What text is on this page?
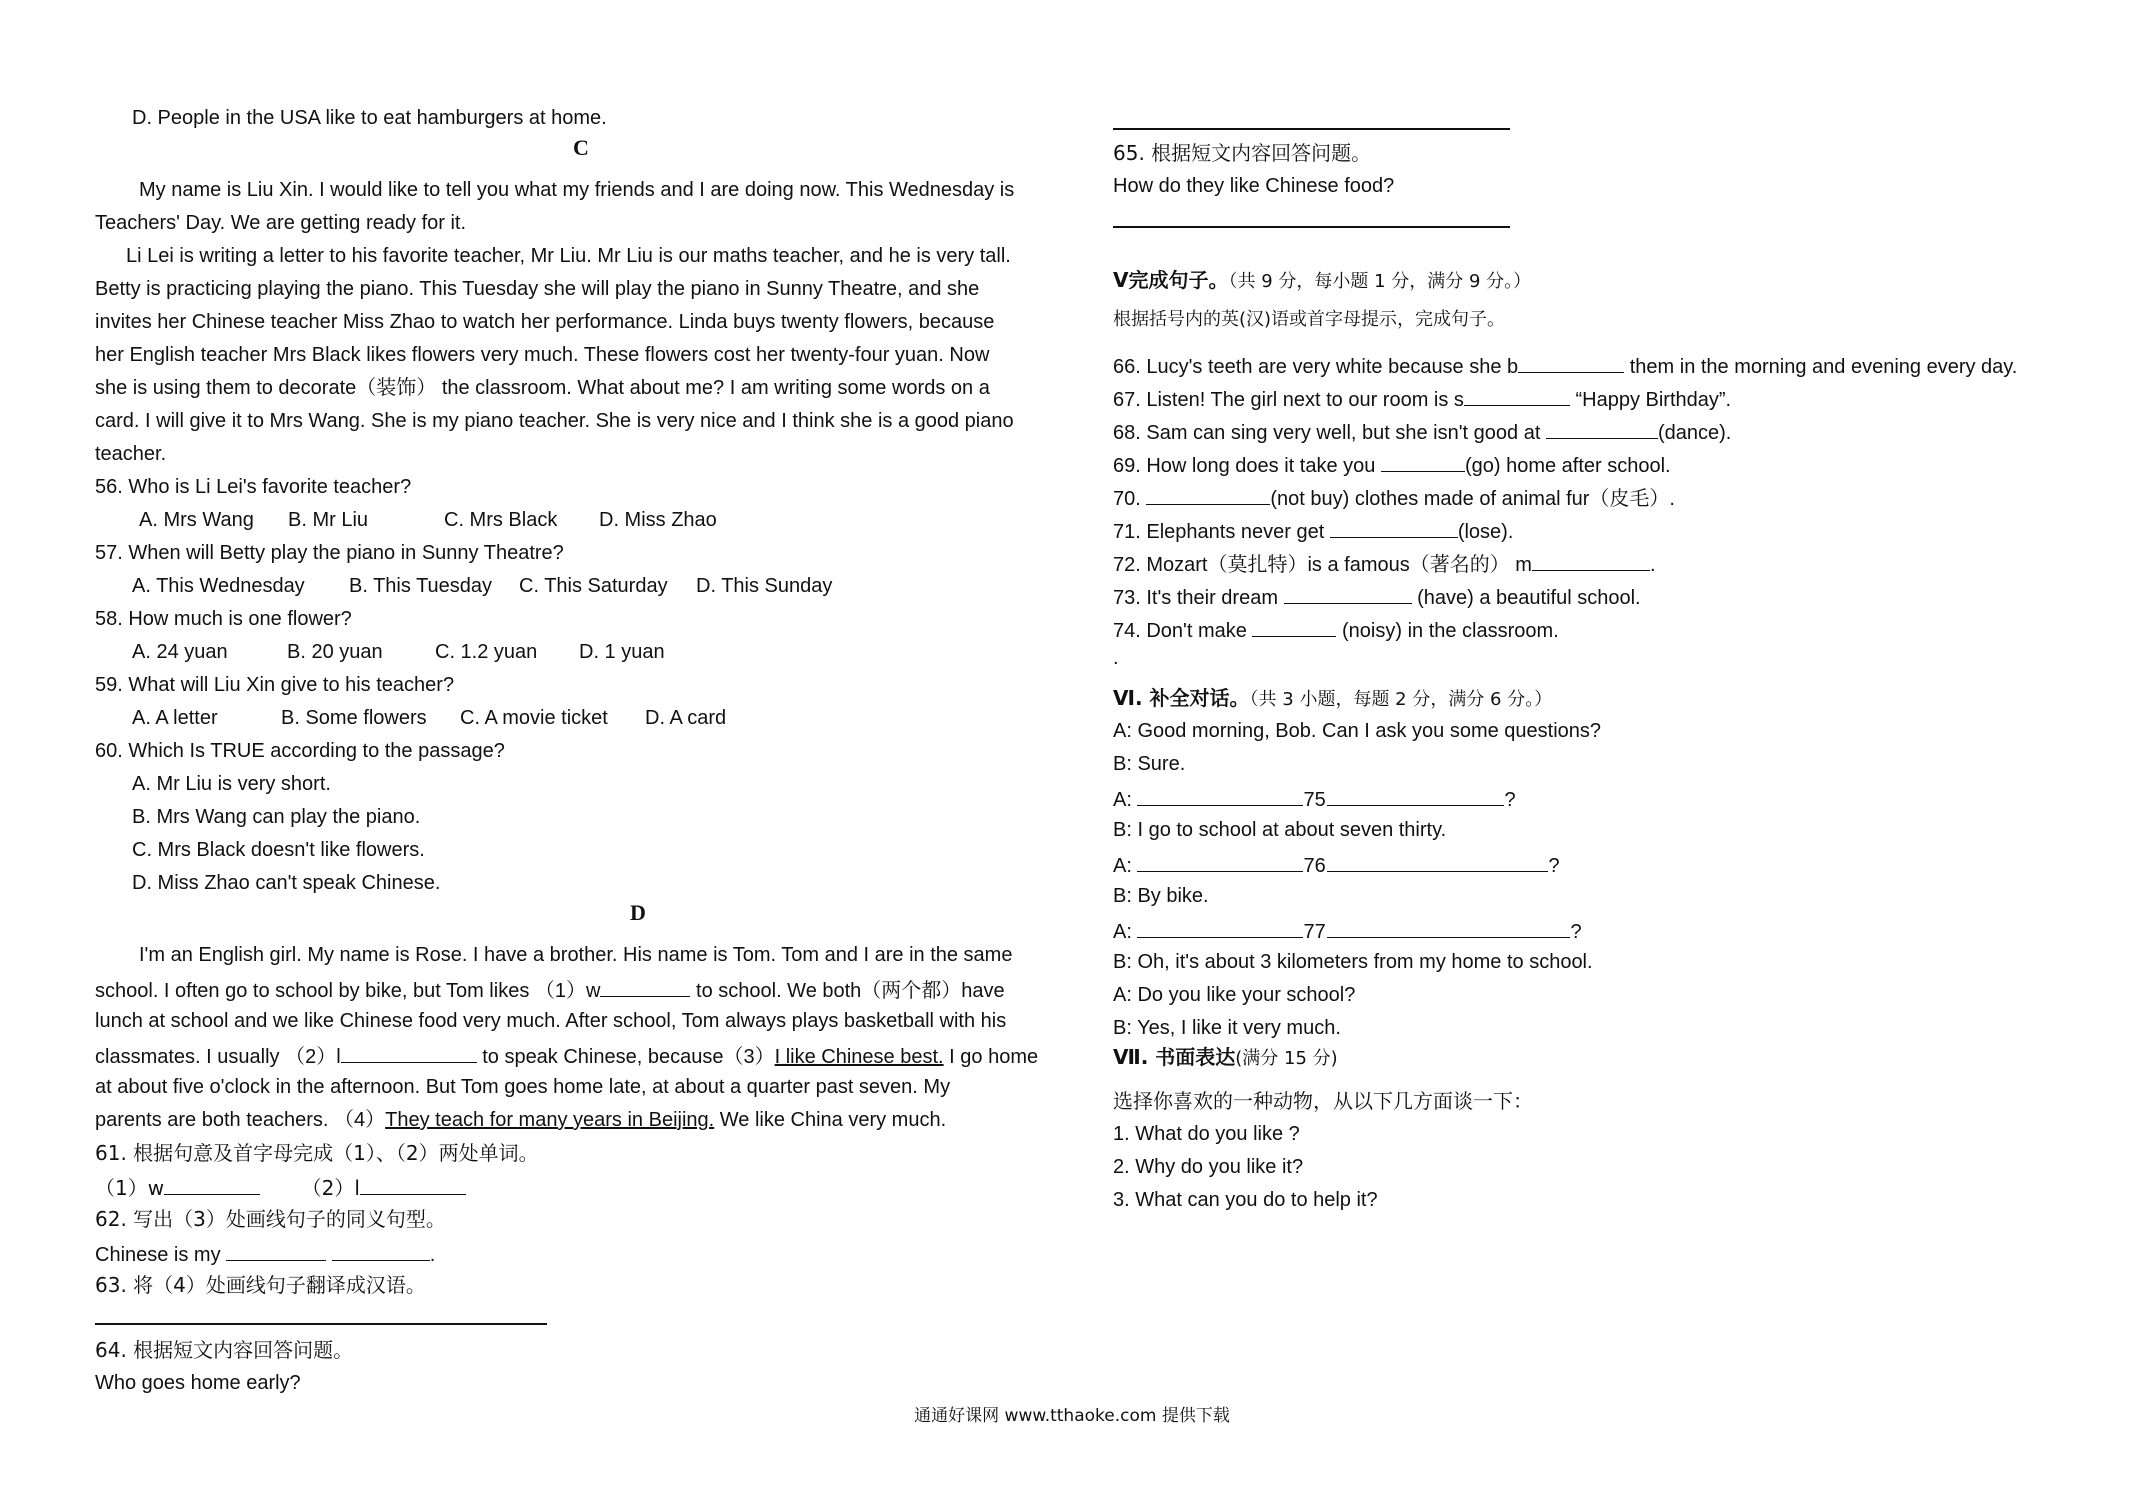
D. People in the USA like to eat hamburgers at home.
C
My name is Liu Xin. I would like to tell you what my friends and I are doing now. This Wednesday is
Teachers' Day. We are getting ready for it.
Li Lei is writing a letter to his favorite teacher, Mr Liu. Mr Liu is our maths teacher, and he is very tall.
Betty is practicing playing the piano. This Tuesday she will play the piano in Sunny Theatre, and she
invites her Chinese teacher Miss Zhao to watch her performance. Linda buys twenty flowers, because
her English teacher Mrs Black likes flowers very much. These flowers cost her twenty-four yuan. Now
she is using them to decorate（装饰） the classroom. What about me? I am writing some words on a
card. I will give it to Mrs Wang. She is my piano teacher. She is very nice and I think she is a good piano
teacher.
56. Who is Li Lei's favorite teacher?
A. Mrs Wang B. Mr Liu	C. Mrs Black D. Miss Zhao
57. When will Betty play the piano in Sunny Theatre?
A. This Wednesday B. This Tuesday C. This Saturday D. This Sunday
58. How much is one flower?
A. 24 yuan	B. 20 yuan	C. 1.2 yuan D. 1 yuan
59. What will Liu Xin give to his teacher?
A. A letter	B. Some flowers C. A movie ticket D. A card
60. Which Is TRUE according to the passage?
A. Mr Liu is very short.
B. Mrs Wang can play the piano.
C. Mrs Black doesn't like flowers.
D. Miss Zhao can't speak Chinese.
D
I'm an English girl. My name is Rose. I have a brother. His name is Tom. Tom and I are in the same
school. I often go to school by bike, but Tom likes （1）w	to school. We both（两个都）have
lunch at school and we like Chinese food very much. After school, Tom always plays basketball with his
classmates. I usually （2）l	to speak Chinese, because（3）I like Chinese best. I go home
at about five o'clock in the afternoon. But Tom goes home late, at about a quarter past seven. My
parents are both teachers. （4）They teach for many years in Beijing. We like China very much.
61. 根据句意及首字母完成（1）、（2）两处单词。
（1）w	（2）l
62. 写出（3）处画线句子的同义句型。
Chinese is my	.
63. 将（4）处画线句子翻译成汉语。
64. 根据短文内容回答问题。
Who goes home early?
65. 根据短文内容回答问题。
How do they like Chinese food?
Ⅴ完成句子。（共 9 分，每小题 1 分，满分 9 分。）
根据括号内的英(汉)语或首字母提示，完成句子。
66. Lucy's teeth are very white because she b	them in the morning and evening every day.
67. Listen! The girl next to our room is s	“Happy Birthday”.
68. Sam can sing very well, but she isn't good at	(dance).
69. How long does it take you	(go) home after school.
70.	(not buy) clothes made of animal fur（皮毛）.
71. Elephants never get	(lose).
72. Mozart（莫扎特）is a famous（著名的） m	.
73. It's their dream	(have) a beautiful school.
74. Don't make	(noisy) in the classroom.
.
Ⅵ. 补全对话。（共 3 小题，每题 2 分，满分 6 分。）
A: Good morning, Bob. Can I ask you some questions?
B: Sure.
A:	75	?
B: I go to school at about seven thirty.
A:	76	?
B: By bike.
A:	77	?
B: Oh, it's about 3 kilometers from my home to school.
A: Do you like your school?
B: Yes, I like it very much.
Ⅶ. 书面表达(满分 15 分)
选择你喜欢的一种动物，从以下几方面谈一下：
1. What do you like ?
2. Why do you like it?
3. What can you do to help it?
通通好课网 www.tthaoke.com 提供下载
